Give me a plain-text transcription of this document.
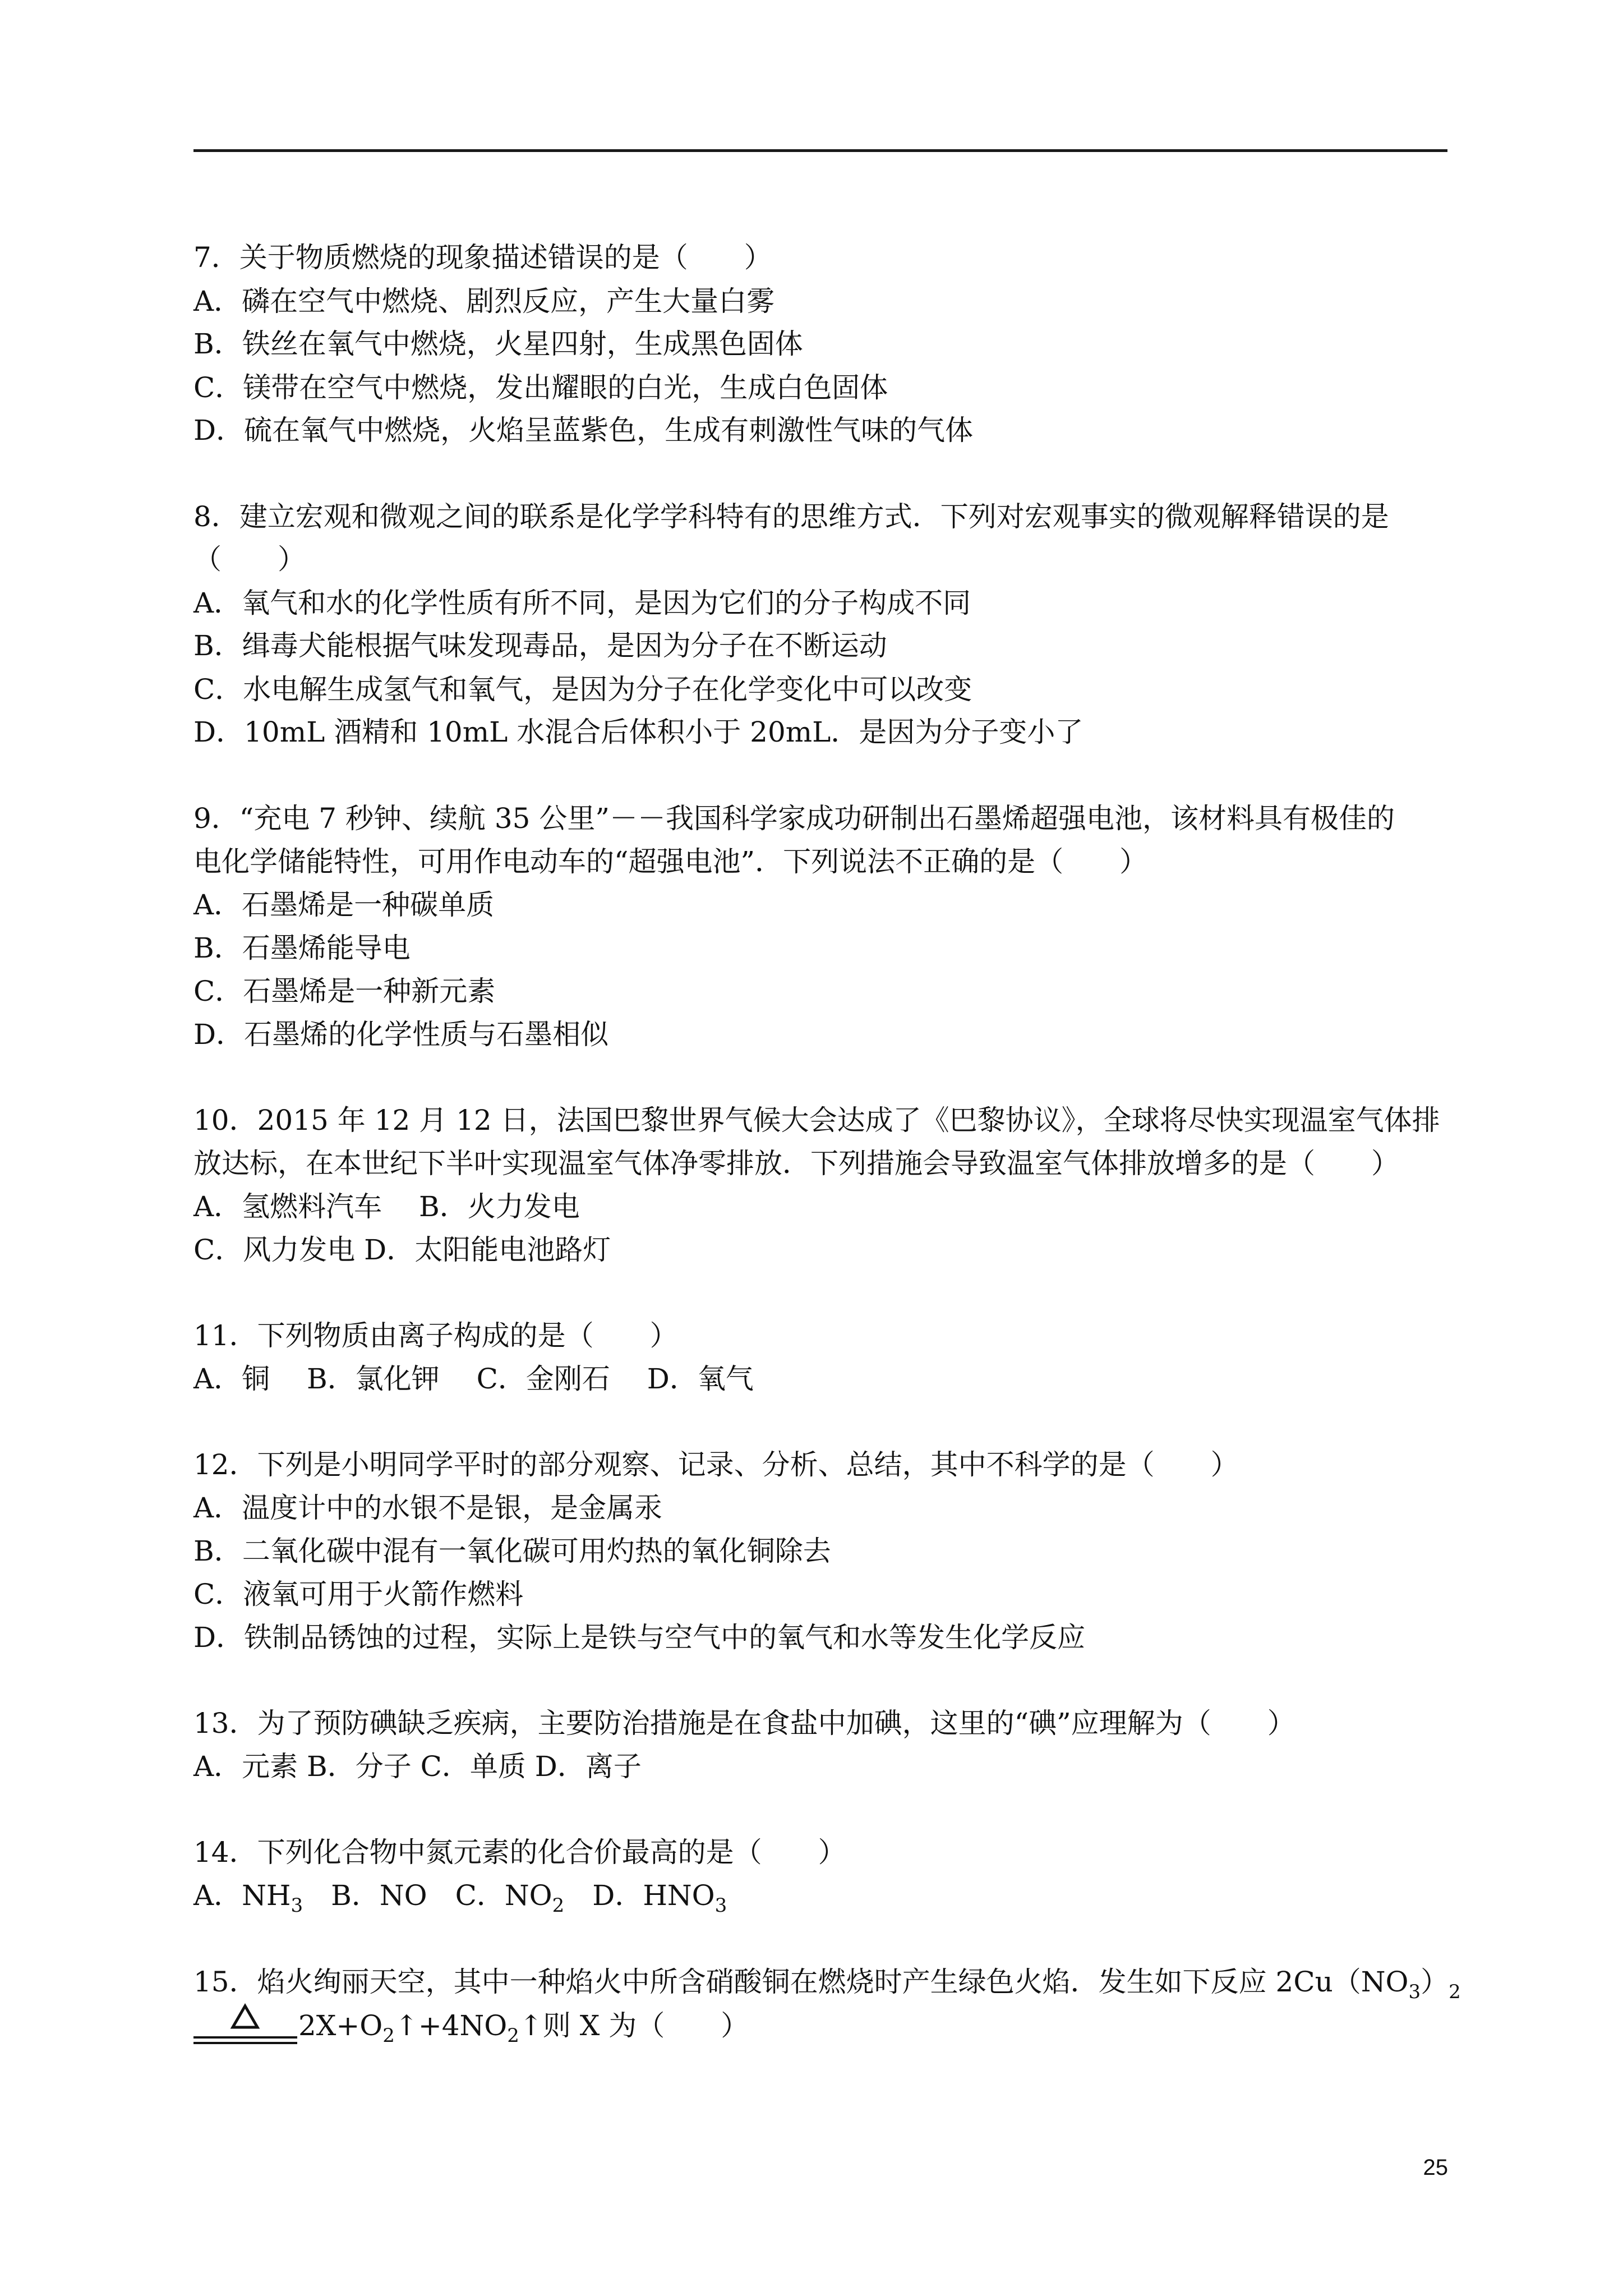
7．关于物质燃烧的现象描述错误的是（　　）
A．磷在空气中燃烧、剧烈反应，产生大量白雾
B．铁丝在氧气中燃烧，火星四射，生成黑色固体
C．镁带在空气中燃烧，发出耀眼的白光，生成白色固体
D．硫在氧气中燃烧，火焰呈蓝紫色，生成有刺激性气味的气体
8．建立宏观和微观之间的联系是化学学科特有的思维方式．下列对宏观事实的微观解释错误的是
（　　）
A．氧气和水的化学性质有所不同，是因为它们的分子构成不同
B．缉毒犬能根据气味发现毒品，是因为分子在不断运动
C．水电解生成氢气和氧气，是因为分子在化学变化中可以改变
D．10mL 酒精和 10mL 水混合后体积小于 20mL．是因为分子变小了
9．“充电 7 秒钟、续航 35 公里”－－我国科学家成功研制出石墨烯超强电池，该材料具有极佳的
电化学储能特性，可用作电动车的“超强电池”．下列说法不正确的是（　　）
A．石墨烯是一种碳单质
B．石墨烯能导电
C．石墨烯是一种新元素
D．石墨烯的化学性质与石墨相似
10．2015 年 12 月 12 日，法国巴黎世界气候大会达成了《巴黎协议》，全球将尽快实现温室气体排
放达标，在本世纪下半叶实现温室气体净零排放．下列措施会导致温室气体排放增多的是（　　）
A．氢燃料汽车　 B．火力发电
C．风力发电 D．太阳能电池路灯
11．下列物质由离子构成的是（　　）
A．铜　 B．氯化钾　 C．金刚石　 D．氧气
12．下列是小明同学平时的部分观察、记录、分析、总结，其中不科学的是（　　）
A．温度计中的水银不是银，是金属汞
B．二氧化碳中混有一氧化碳可用灼热的氧化铜除去
C．液氧可用于火箭作燃料
D．铁制品锈蚀的过程，实际上是铁与空气中的氧气和水等发生化学反应
13．为了预防碘缺乏疾病，主要防治措施是在食盐中加碘，这里的“碘”应理解为（　　）
A．元素 B．分子 C．单质 D．离子
14．下列化合物中氮元素的化合价最高的是（　　）
A．$NH_3$　B．NO　C．$NO_2$　D．$HNO_3$
15．焰火绚丽天空，其中一种焰火中所含硝酸铜在燃烧时产生绿色火焰．发生如下反应 $2Cu(NO_3)_2$
$2X+O_2↑+4NO_2↑$则 X 为（　　）
25
